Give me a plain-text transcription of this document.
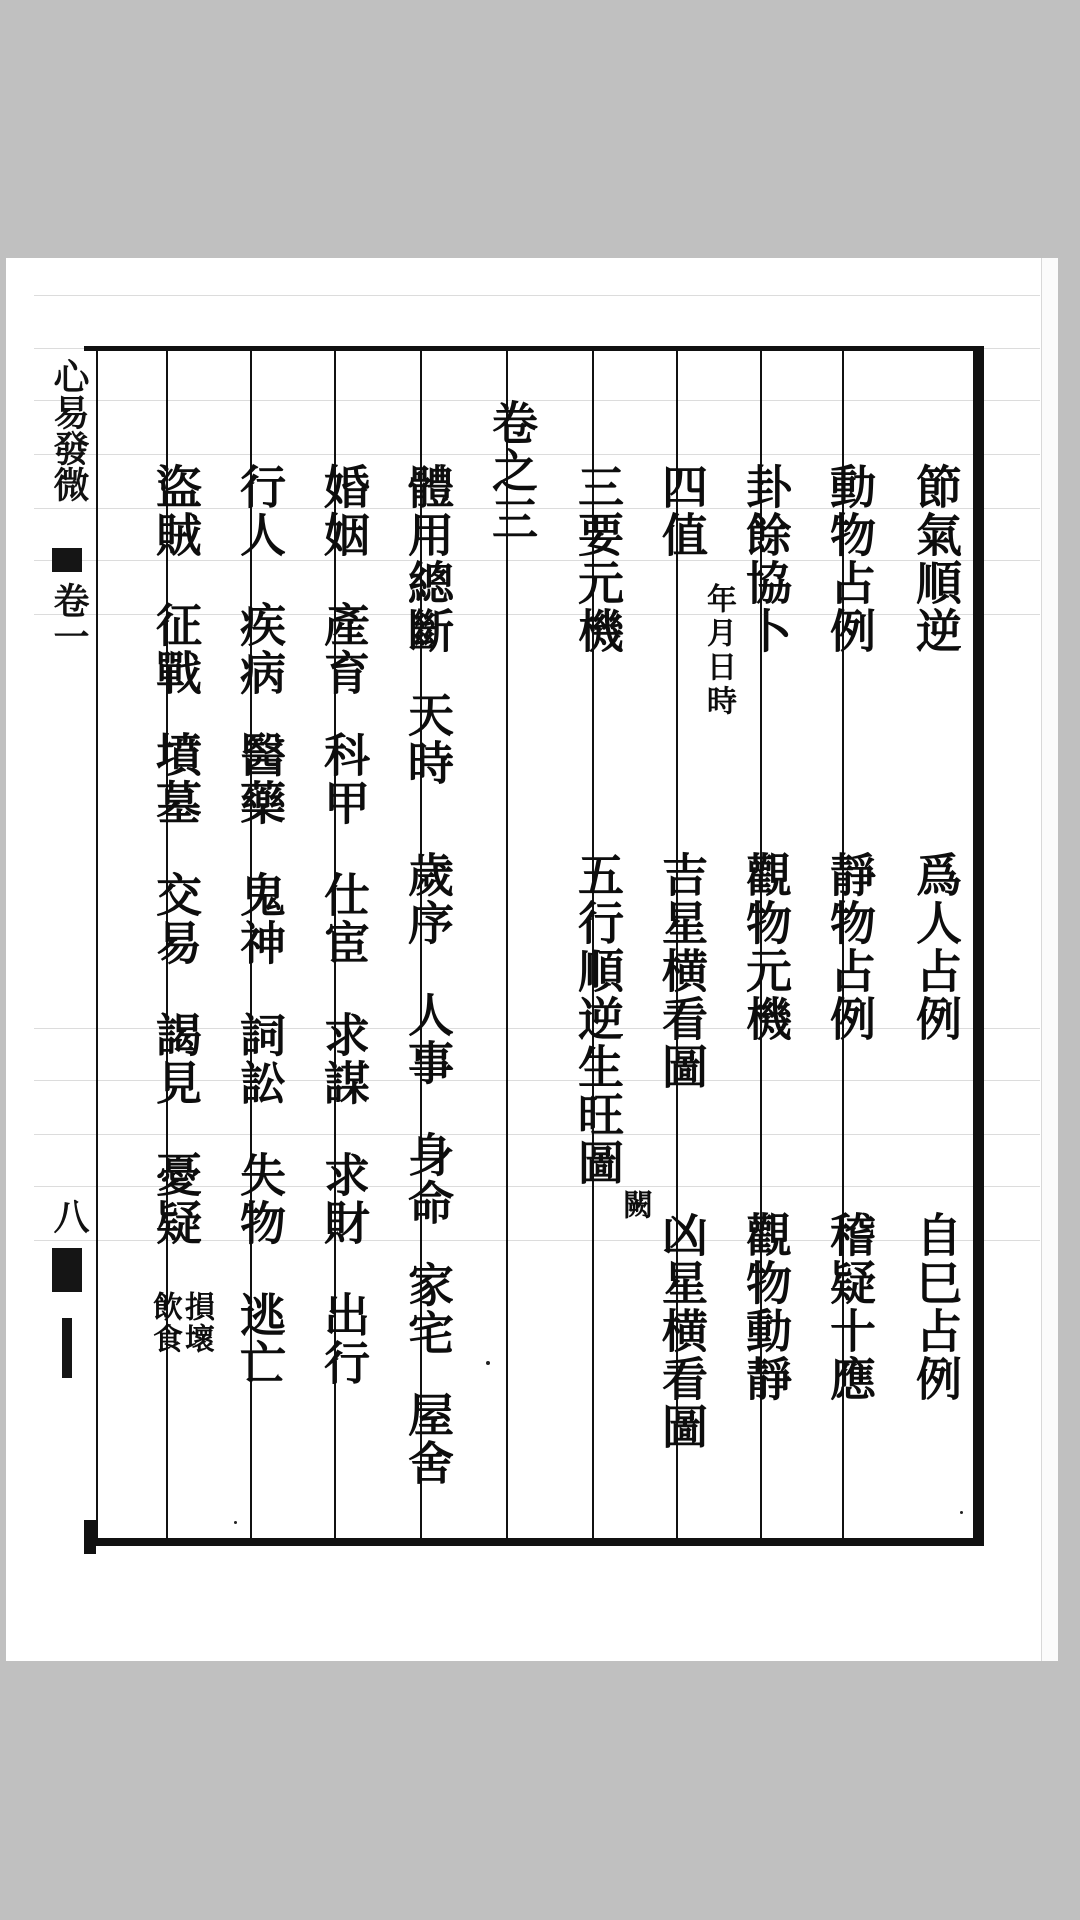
心易發微
卷一
八
節氣順逆
爲人占例
自巳占例
動物占例
靜物占例
稽疑十應
卦餘協卜
觀物元機
觀物動靜
四值
年月日時
吉星横看圖
凶星横看圖
三要元機
五行順逆生旺圖
闕
卷之三
體用總斷
天時
歲序
人事
身命
家宅
屋舍
婚姻
產育
科甲
仕宦
求謀
求財
出行
行人
疾病
醫藥
鬼神
詞訟
失物
逃亡
盜賊
征戰
墳墓
交易
謁見
憂疑
損壞飲食
